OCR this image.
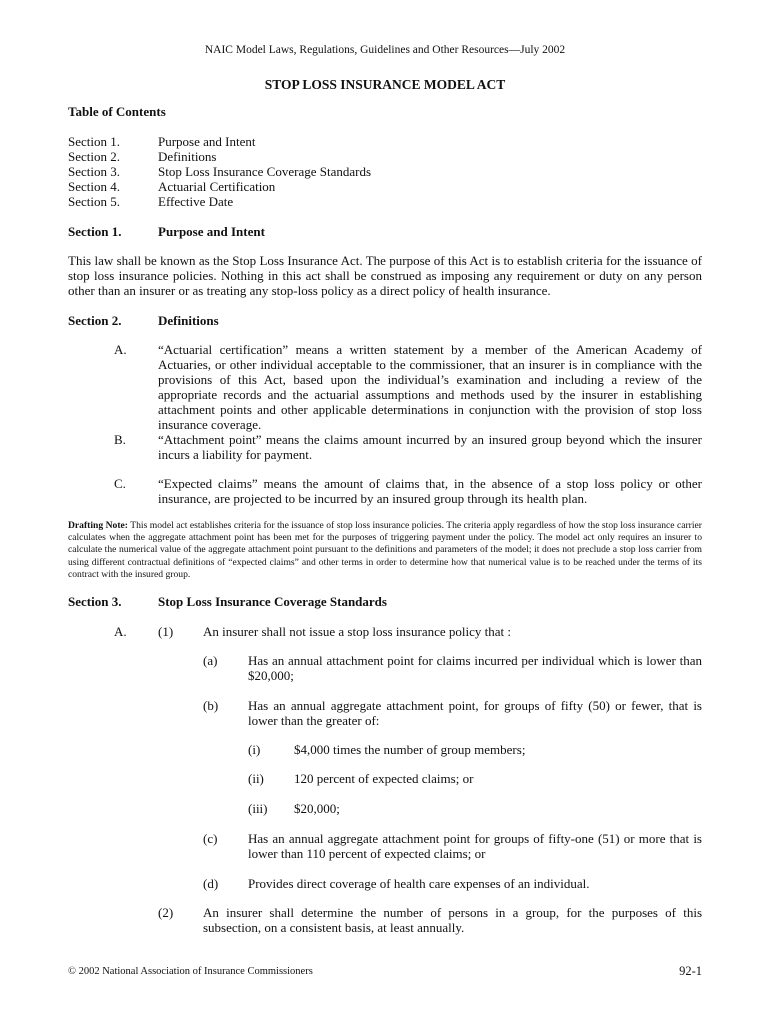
NAIC Model Laws, Regulations, Guidelines and Other Resources—July 2002
STOP LOSS INSURANCE MODEL ACT
Table of Contents
Section 1.	Purpose and Intent
Section 2.	Definitions
Section 3.	Stop Loss Insurance Coverage Standards
Section 4.	Actuarial Certification
Section 5.	Effective Date
Section 1.	Purpose and Intent
This law shall be known as the Stop Loss Insurance Act. The purpose of this Act is to establish criteria for the issuance of stop loss insurance policies. Nothing in this act shall be construed as imposing any requirement or duty on any person other than an insurer or as treating any stop-loss policy as a direct policy of health insurance.
Section 2.	Definitions
A. “Actuarial certification” means a written statement by a member of the American Academy of Actuaries, or other individual acceptable to the commissioner, that an insurer is in compliance with the provisions of this Act, based upon the individual’s examination and including a review of the appropriate records and the actuarial assumptions and methods used by the insurer in establishing attachment points and other applicable determinations in conjunction with the provision of stop loss insurance coverage.
B. “Attachment point” means the claims amount incurred by an insured group beyond which the insurer incurs a liability for payment.
C. “Expected claims” means the amount of claims that, in the absence of a stop loss policy or other insurance, are projected to be incurred by an insured group through its health plan.
Drafting Note: This model act establishes criteria for the issuance of stop loss insurance policies. The criteria apply regardless of how the stop loss insurance carrier calculates when the aggregate attachment point has been met for the purposes of triggering payment under the policy. The model act only requires an insurer to calculate the numerical value of the aggregate attachment point pursuant to the definitions and parameters of the model; it does not preclude a stop loss carrier from using different contractual definitions of “expected claims” and other terms in order to determine how that numerical value is to be reached under the terms of its contract with the insured group.
Section 3.	Stop Loss Insurance Coverage Standards
A. (1) An insurer shall not issue a stop loss insurance policy that :
(a) Has an annual attachment point for claims incurred per individual which is lower than $20,000;
(b) Has an annual aggregate attachment point, for groups of fifty (50) or fewer, that is lower than the greater of:
(i)	$4,000 times the number of group members;
(ii) 120 percent of expected claims; or
(iii) $20,000;
(c) Has an annual aggregate attachment point for groups of fifty-one (51) or more that is lower than 110 percent of expected claims; or
(d) Provides direct coverage of health care expenses of an individual.
(2) An insurer shall determine the number of persons in a group, for the purposes of this subsection, on a consistent basis, at least annually.
© 2002 National Association of Insurance Commissioners	92-1
